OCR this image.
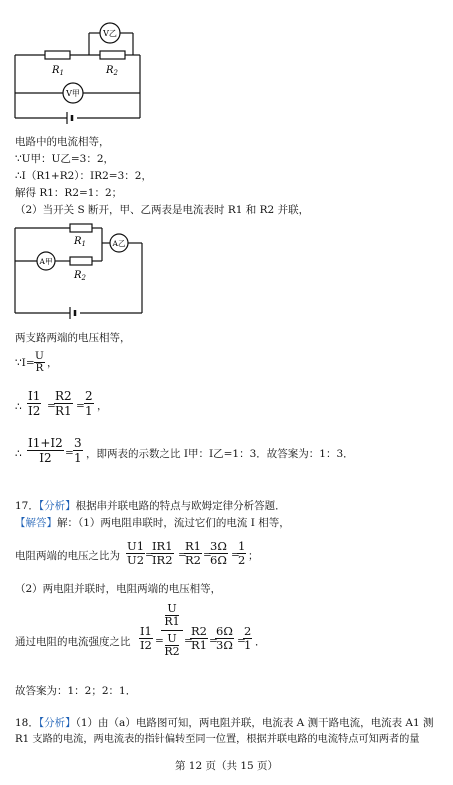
V乙
V甲
$R_1$	$R_2$
电路中的电流相等，
∵U甲：U乙=3：2，
∴I（R1+R2）：IR2=3：2，
解得 R1：R2=1：2；
（2）当开关 S 断开，甲、乙两表是电流表时 R1 和 R2 并联，
A乙
A甲
$R_1$
$R_2$
两支路两端的电压相等，
∵I=
U
R ，
∴
I1
I2 =
R2
R1 =
2
1 ，
∴
I1+I2
I2	=
3
1 ，即两表的示数之比 I甲：I乙=1：3．故答案为：1：3．
17．【分析】根据串并联电路的特点与欧姆定律分析答题．
【解答】解：（1）两电阻串联时，流过它们的电流 I 相等，
电阻两端的电压之比为
U1
U2 =
IR1
IR2 =
R1
R2 =
3Ω
6Ω =
1
2 ；
（2）两电阻并联时，电阻两端的电压相等，
通过电阻的电流强度之比
I1
I2 =
U
R1
U
R2
=
R2
R1 =
6Ω
3Ω =
2
1 ．
故答案为：1：2；2：1．
18．【分析】（1）由（a）电路图可知，两电阻并联，电流表 A 测干路电流，电流表 A1 测
R1 支路的电流，两电流表的指针偏转至同一位置，根据并联电路的电流特点可知两者的量
第 12 页（共 15 页）
